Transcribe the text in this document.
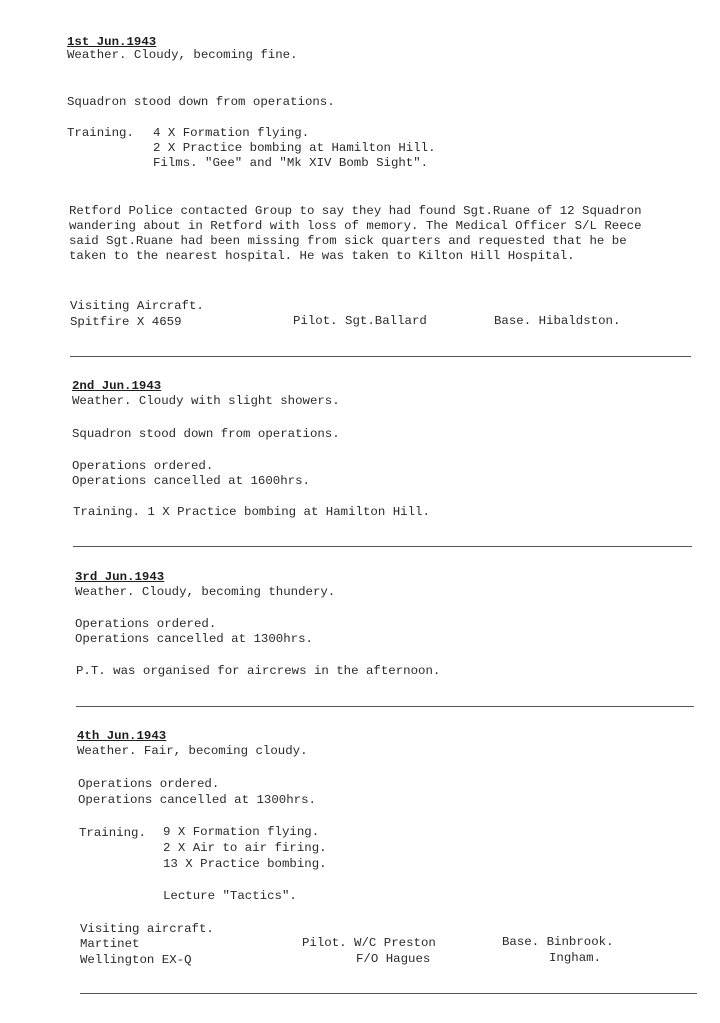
1st Jun.1943
Weather. Cloudy, becoming fine.
Squadron stood down from operations.
Training. 4 X Formation flying.
2 X Practice bombing at Hamilton Hill.
Films. "Gee" and "Mk XIV Bomb Sight".
Retford Police contacted Group to say they had found Sgt.Ruane of 12 Squadron
wandering about in Retford with loss of memory. The Medical Officer S/L Reece
said Sgt.Ruane had been missing from sick quarters and requested that he be
taken to the nearest hospital. He was taken to Kilton Hill Hospital.
Visiting Aircraft.
Spitfire X 4659	Pilot. Sgt.Ballard	Base. Hibaldston.
2nd Jun.1943
Weather. Cloudy with slight showers.
Squadron stood down from operations.
Operations ordered.
Operations cancelled at 1600hrs.
Training. 1 X Practice bombing at Hamilton Hill.
3rd Jun.1943
Weather. Cloudy, becoming thundery.
Operations ordered.
Operations cancelled at 1300hrs.
P.T. was organised for aircrews in the afternoon.
4th Jun.1943
Weather. Fair, becoming cloudy.
Operations ordered.
Operations cancelled at 1300hrs.
Training. 9 X Formation flying.
2 X Air to air firing.
13 X Practice bombing.
Lecture "Tactics".
Visiting aircraft.
Martinet	Pilot. W/C Preston	Base. Binbrook.
Wellington EX-Q	F/O Hagues	Ingham.
